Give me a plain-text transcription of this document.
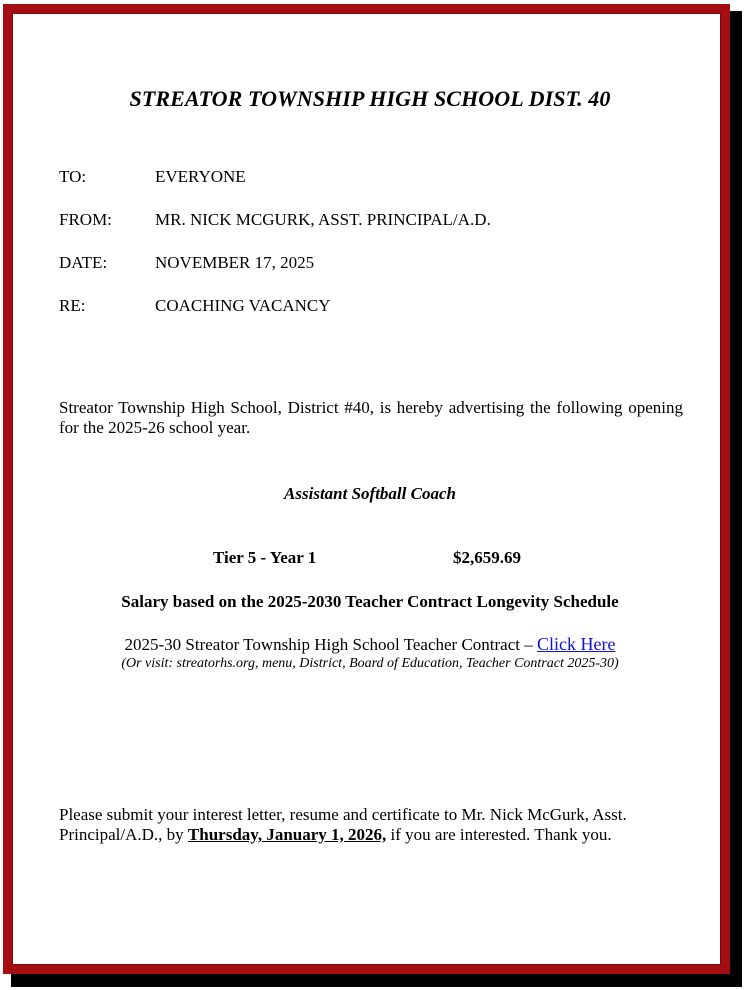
STREATOR TOWNSHIP HIGH SCHOOL DIST. 40
TO:	EVERYONE
FROM:	MR. NICK MCGURK, ASST. PRINCIPAL/A.D.
DATE:	NOVEMBER 17, 2025
RE:	COACHING VACANCY
Streator Township High School, District #40, is hereby advertising the following opening for the 2025-26 school year.
Assistant Softball Coach
Tier 5 - Year 1	$2,659.69
Salary based on the 2025-2030 Teacher Contract Longevity Schedule
2025-30 Streator Township High School Teacher Contract – Click Here
(Or visit: streatorhs.org, menu, District, Board of Education, Teacher Contract 2025-30)
Please submit your interest letter, resume and certificate to Mr. Nick McGurk, Asst. Principal/A.D., by Thursday, January 1, 2026, if you are interested. Thank you.
